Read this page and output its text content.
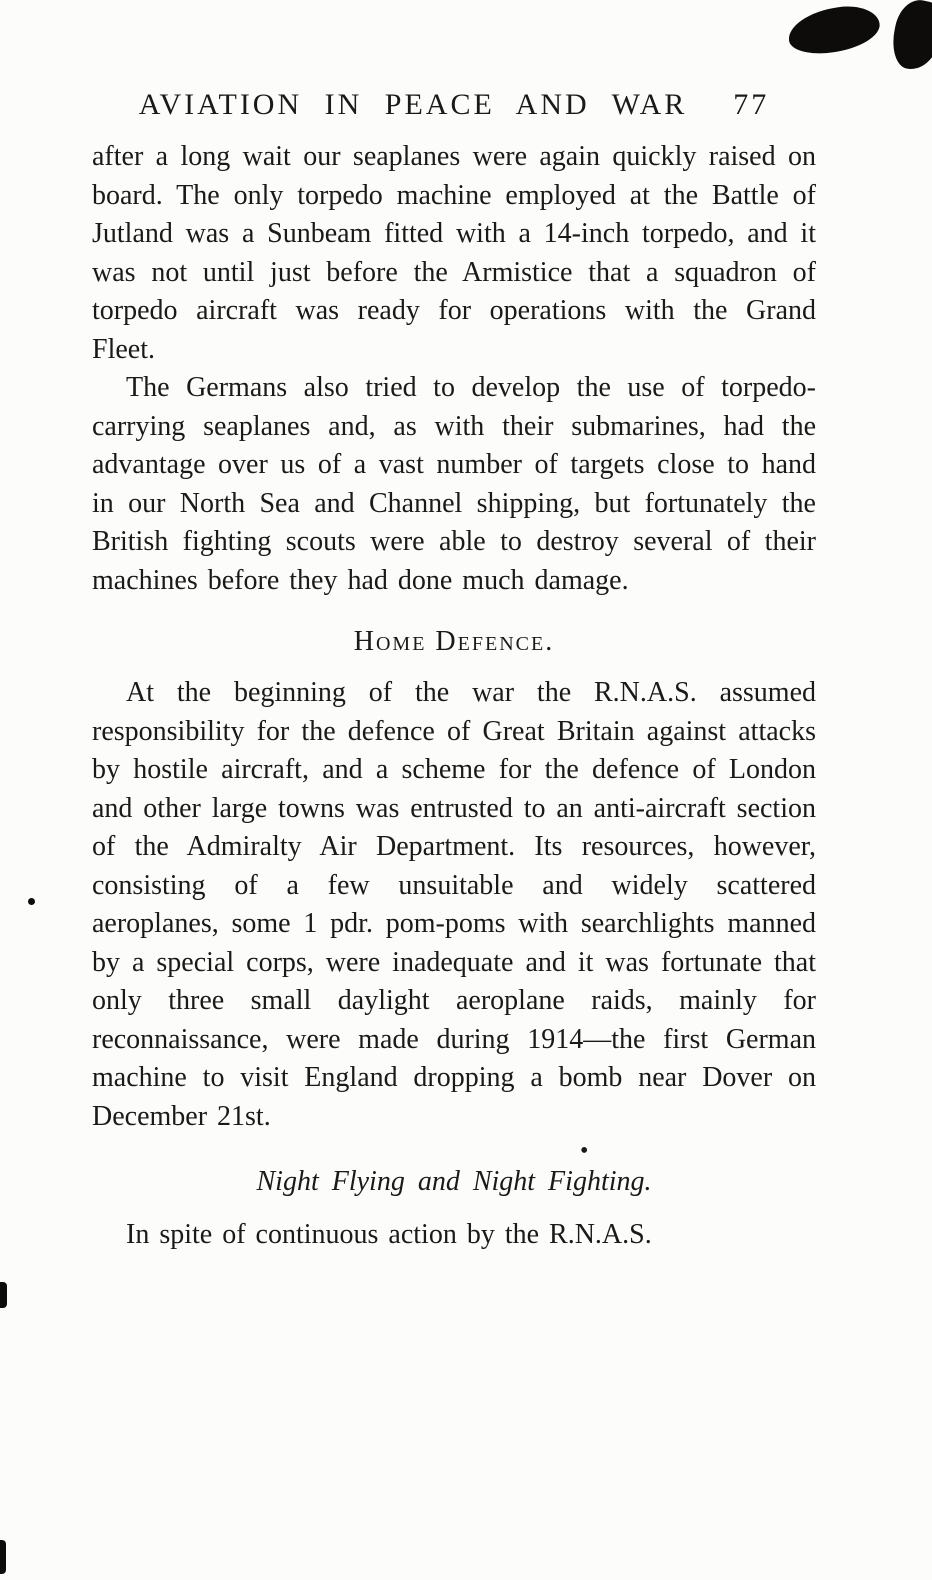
AVIATION IN PEACE AND WAR 77

after a long wait our seaplanes were again quickly raised on board. The only torpedo machine employed at the Battle of Jutland was a Sunbeam fitted with a 14-inch torpedo, and it was not until just before the Armistice that a squadron of torpedo aircraft was ready for operations with the Grand Fleet.

The Germans also tried to develop the use of torpedo-carrying seaplanes and, as with their submarines, had the advantage over us of a vast number of targets close to hand in our North Sea and Channel shipping, but fortunately the British fighting scouts were able to destroy several of their machines before they had done much damage.

Home Defence.

At the beginning of the war the R.N.A.S. assumed responsibility for the defence of Great Britain against attacks by hostile aircraft, and a scheme for the defence of London and other large towns was entrusted to an anti-aircraft section of the Admiralty Air Department. Its resources, however, consisting of a few unsuitable and widely scattered aeroplanes, some 1 pdr. pom-poms with searchlights manned by a special corps, were inadequate and it was fortunate that only three small daylight aeroplane raids, mainly for reconnaissance, were made during 1914—the first German machine to visit England dropping a bomb near Dover on December 21st.

•
Night Flying and Night Fighting.

In spite of continuous action by the R.N.A.S.
